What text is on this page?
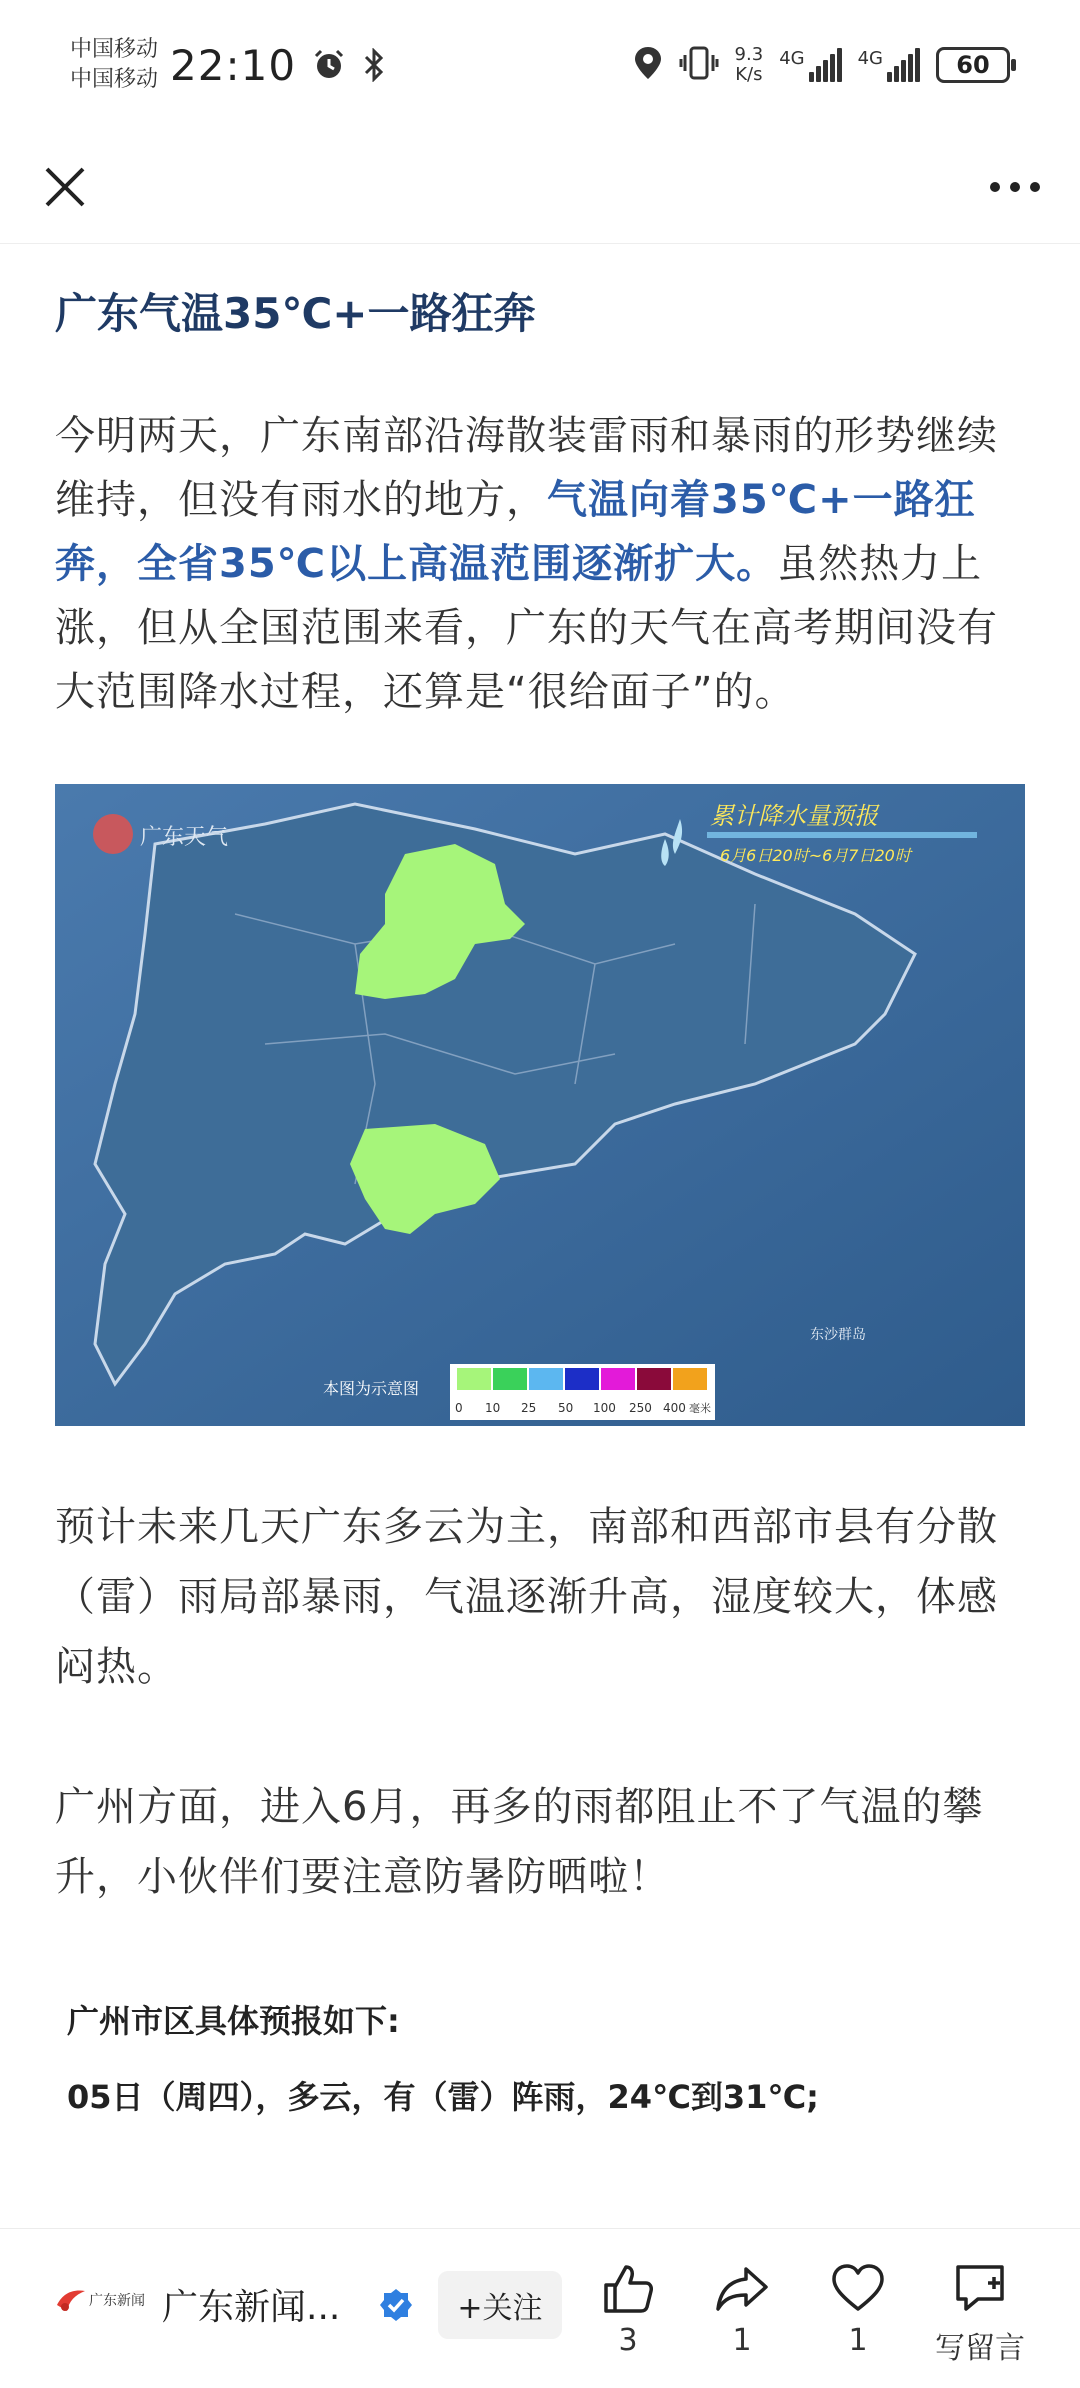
中国移动
中国移动 22:10	9.3
K/s
4G	4G	60
广东气温35℃+一路狂奔

今明两天，广东南部沿海散装雷雨和暴雨的形势继续维持，但没有雨水的地方，气温向着35℃+一路狂奔，全省35℃以上高温范围逐渐扩大。虽然热力上涨，但从全国范围来看，广东的天气在高考期间没有大范围降水过程，还算是“很给面子”的。

广东天气
累计降水量预报
6月6日20时~6月7日20时
东沙群岛
本图为示意图
0 10 25 50 100 250 400 毫米

预计未来几天广东多云为主，南部和西部市县有分散（雷）雨局部暴雨，气温逐渐升高，湿度较大，体感闷热。

广州方面，进入6月，再多的雨都阻止不了气温的攀升，小伙伴们要注意防暑防晒啦！

广州市区具体预报如下:
05日（周四），多云，有（雷）阵雨，24℃到31℃;
广东新闻 广东新闻...	+关注
3	1	1 写留言
